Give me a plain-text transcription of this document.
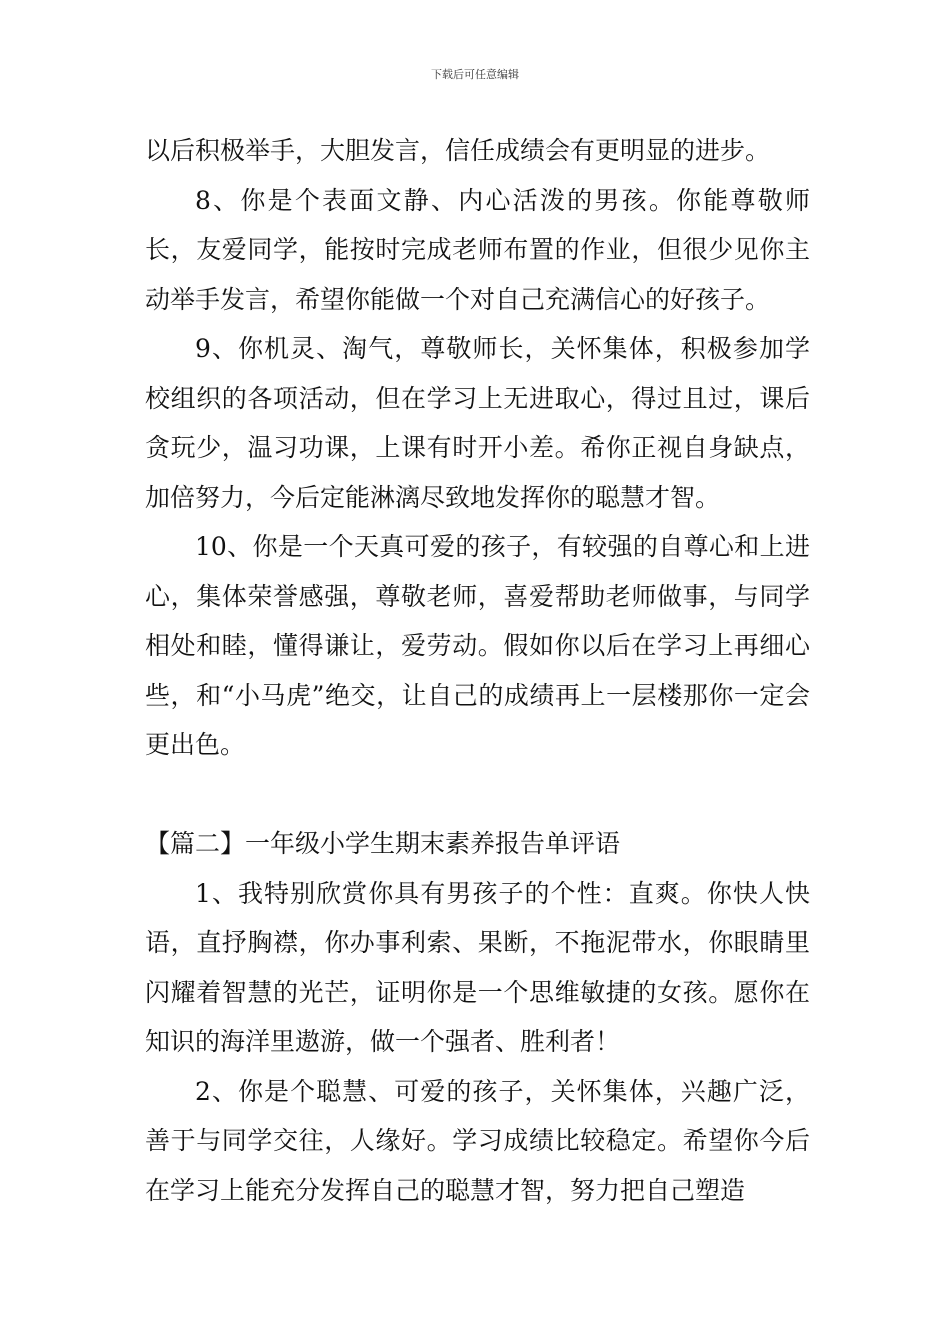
下载后可任意编辑

以后积极举手，大胆发言，信任成绩会有更明显的进步。

8、你是个表面文静、内心活泼的男孩。你能尊敬师长，友爱同学，能按时完成老师布置的作业，但很少见你主动举手发言，希望你能做一个对自己充满信心的好孩子。

9、你机灵、淘气，尊敬师长，关怀集体，积极参加学校组织的各项活动，但在学习上无进取心，得过且过，课后贪玩少，温习功课，上课有时开小差。希你正视自身缺点，加倍努力，今后定能淋漓尽致地发挥你的聪慧才智。

10、你是一个天真可爱的孩子，有较强的自尊心和上进心，集体荣誉感强，尊敬老师，喜爱帮助老师做事，与同学相处和睦，懂得谦让，爱劳动。假如你以后在学习上再细心些，和“小马虎”绝交，让自己的成绩再上一层楼那你一定会更出色。

【篇二】一年级小学生期末素养报告单评语

1、我特别欣赏你具有男孩子的个性：直爽。你快人快语，直抒胸襟，你办事利索、果断，不拖泥带水，你眼睛里闪耀着智慧的光芒，证明你是一个思维敏捷的女孩。愿你在知识的海洋里遨游，做一个强者、胜利者！

2、你是个聪慧、可爱的孩子，关怀集体，兴趣广泛，善于与同学交往，人缘好。学习成绩比较稳定。希望你今后在学习上能充分发挥自己的聪慧才智，努力把自己塑造
